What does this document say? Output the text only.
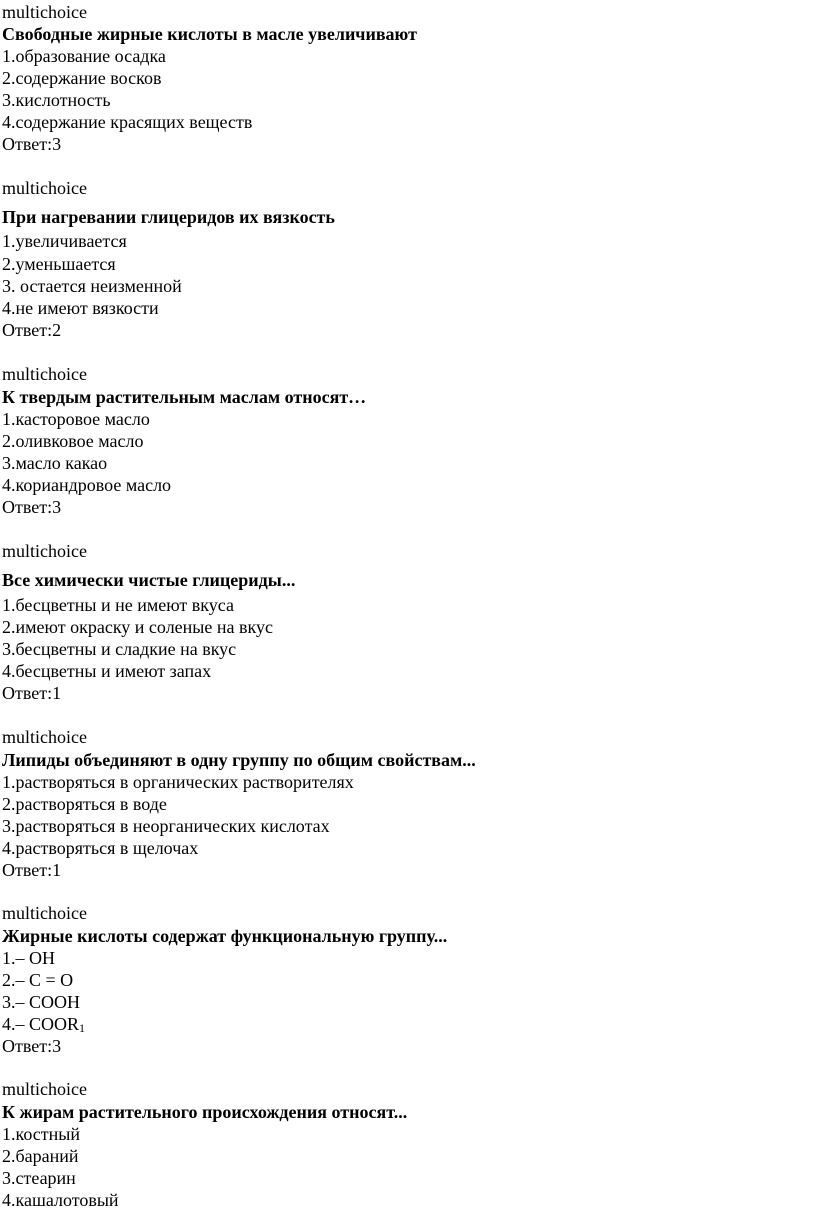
multichoice
Свободные жирные кислоты в масле увеличивают
1.образование осадка
2.содержание восков
3.кислотность
4.содержание красящих веществ
Ответ:3
multichoice
При нагревании глицеридов их вязкость
1.увеличивается
2.уменьшается
3. остается неизменной
4.не имеют вязкости
Ответ:2
multichoice
К твердым растительным маслам относят…
1.касторовое масло
2.оливковое масло
3.масло какао
4.кориандровое масло
Ответ:3
multichoice
Все химически чистые глицериды...
1.бесцветны и не имеют вкуса
2.имеют окраску и соленые на вкус
3.бесцветны и сладкие на вкус
4.бесцветны и имеют запах
Ответ:1
multichoice
Липиды объединяют в одну группу по общим свойствам...
1.растворяться в органических растворителях
2.растворяться в воде
3.растворяться в неорганических кислотах
4.растворяться в щелочах
Ответ:1
multichoice
Жирные кислоты содержат функциональную группу...
1.– OH
2.– C = O
3.– COOH
4.– $COOR_1$
Ответ:3
multichoice
К жирам растительного происхождения относят...
1.костный
2.бараний
3.стеарин
4.кашалотовый
